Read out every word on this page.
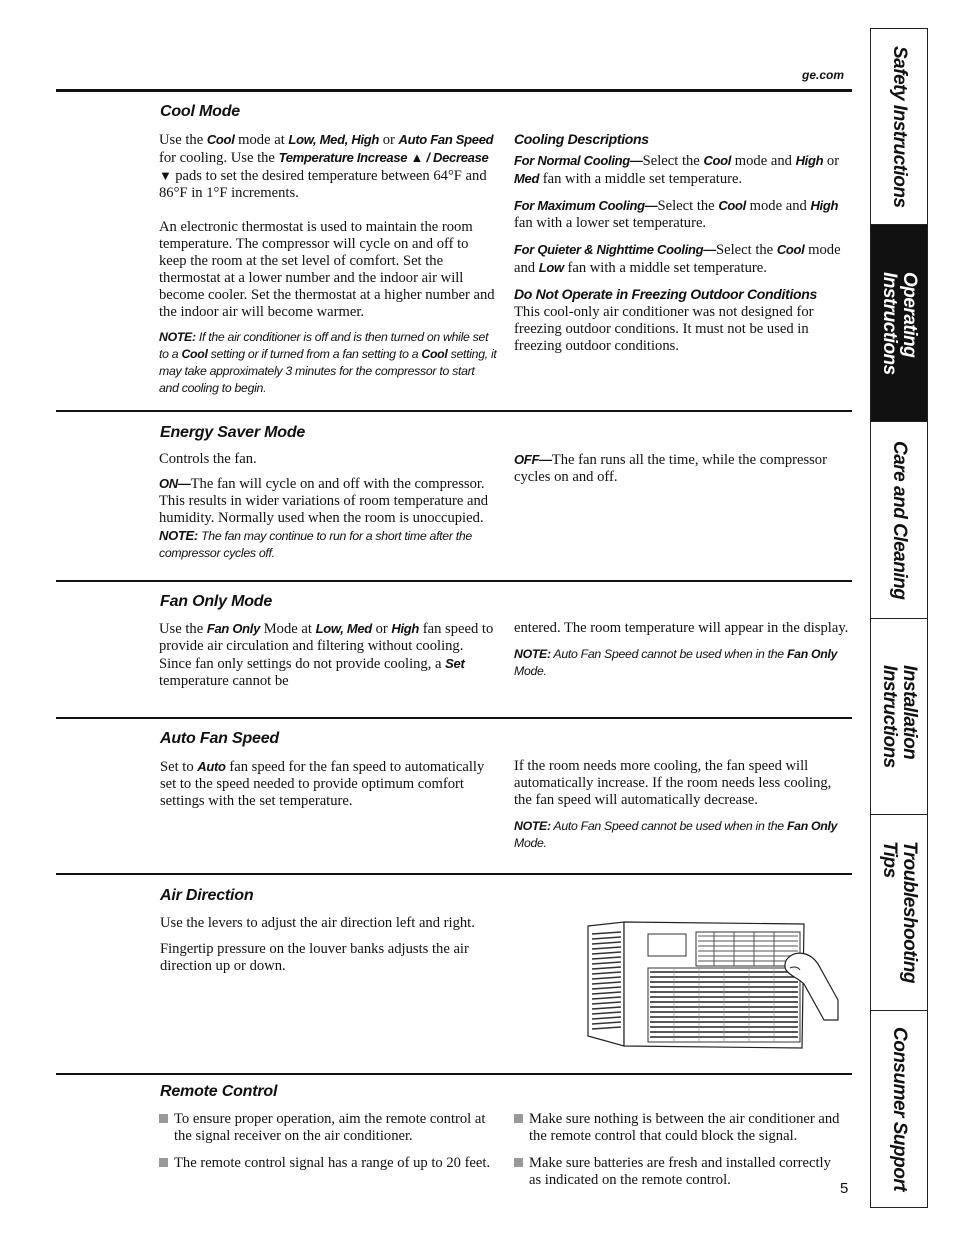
ge.com
Cool Mode

Use the Cool mode at Low, Med, High or Auto Fan Speed for cooling. Use the Temperature Increase ▲ / Decrease ▼ pads to set the desired temperature between 64°F and 86°F in 1°F increments.

An electronic thermostat is used to maintain the room temperature. The compressor will cycle on and off to keep the room at the set level of comfort. Set the thermostat at a lower number and the indoor air will become cooler. Set the thermostat at a higher number and the indoor air will become warmer.

NOTE: If the air conditioner is off and is then turned on while set to a Cool setting or if turned from a fan setting to a Cool setting, it may take approximately 3 minutes for the compressor to start and cooling to begin.

Cooling Descriptions

For Normal Cooling—Select the Cool mode and High or Med fan with a middle set temperature.

For Maximum Cooling—Select the Cool mode and High fan with a lower set temperature.

For Quieter & Nighttime Cooling—Select the Cool mode and Low fan with a middle set temperature.

Do Not Operate in Freezing Outdoor Conditions

This cool-only air conditioner was not designed for freezing outdoor conditions. It must not be used in freezing outdoor conditions.

Energy Saver Mode

Controls the fan.

ON—The fan will cycle on and off with the compressor. This results in wider variations of room temperature and humidity. Normally used when the room is unoccupied. NOTE: The fan may continue to run for a short time after the compressor cycles off.

OFF—The fan runs all the time, while the compressor cycles on and off.

Fan Only Mode

Use the Fan Only Mode at Low, Med or High fan speed to provide air circulation and filtering without cooling. Since fan only settings do not provide cooling, a Set temperature cannot be

entered. The room temperature will appear in the display.

NOTE: Auto Fan Speed cannot be used when in the Fan Only Mode.

Auto Fan Speed

Set to Auto fan speed for the fan speed to automatically set to the speed needed to provide optimum comfort settings with the set temperature.

If the room needs more cooling, the fan speed will automatically increase. If the room needs less cooling, the fan speed will automatically decrease.

NOTE: Auto Fan Speed cannot be used when in the Fan Only Mode.

Air Direction

Use the levers to adjust the air direction left and right.

Fingertip pressure on the louver banks adjusts the air direction up or down.

Remote Control
To ensure proper operation, aim the remote control at the signal receiver on the air conditioner.
The remote control signal has a range of up to 20 feet.
Make sure nothing is between the air conditioner and the remote control that could block the signal.
Make sure batteries are fresh and installed correctly as indicated on the remote control.	5
Safety Instructions
Operating
Instructions
Care and Cleaning
Installation
Instructions
Troubleshooting
Tips
Consumer Support
